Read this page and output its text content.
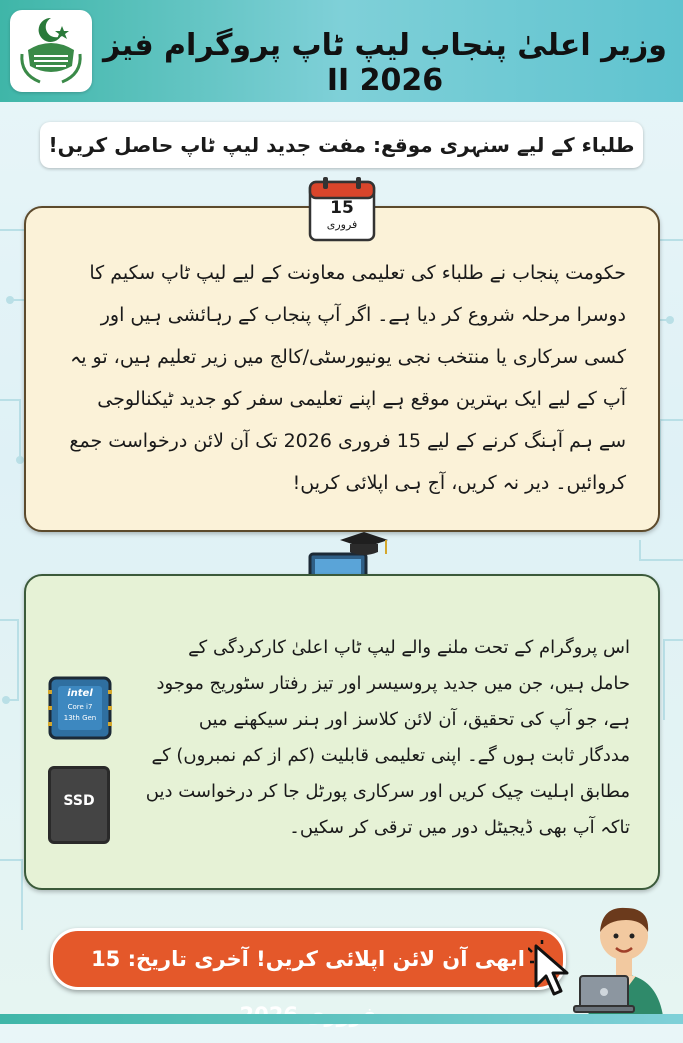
وزیر اعلیٰ پنجاب لیپ ٹاپ پروگرام فیز II 2026
طلباء کے لیے سنہری موقع: مفت جدید لیپ ٹاپ حاصل کریں!

حکومت پنجاب نے طلباء کی تعلیمی معاونت کے لیے لیپ ٹاپ سکیم کا دوسرا مرحلہ شروع کر دیا ہے۔ اگر آپ پنجاب کے رہائشی ہیں اور کسی سرکاری یا منتخب نجی یونیورسٹی/کالج میں زیر تعلیم ہیں، تو یہ آپ کے لیے ایک بہترین موقع ہے اپنے تعلیمی سفر کو جدید ٹیکنالوجی سے ہم آہنگ کرنے کے لیے 15 فروری 2026 تک آن لائن درخواست جمع کروائیں۔ دیر نہ کریں، آج ہی اپلائی کریں!

15
فروری

اس پروگرام کے تحت ملنے والے لیپ ٹاپ اعلیٰ کارکردگی کے حامل ہیں، جن میں جدید پروسیسر اور تیز رفتار سٹوریج موجود ہے، جو آپ کی تحقیق، آن لائن کلاسز اور ہنر سیکھنے میں مددگار ثابت ہوں گے۔ اپنی تعلیمی قابلیت (کم از کم نمبروں) کے مطابق اہلیت چیک کریں اور سرکاری پورٹل جا کر درخواست دیں تاکہ آپ بھی ڈیجیٹل دور میں ترقی کر سکیں۔

intel
Core i7
13th Gen
SSD
ابھی آن لائن اپلائی کریں! آخری تاریخ: 15
